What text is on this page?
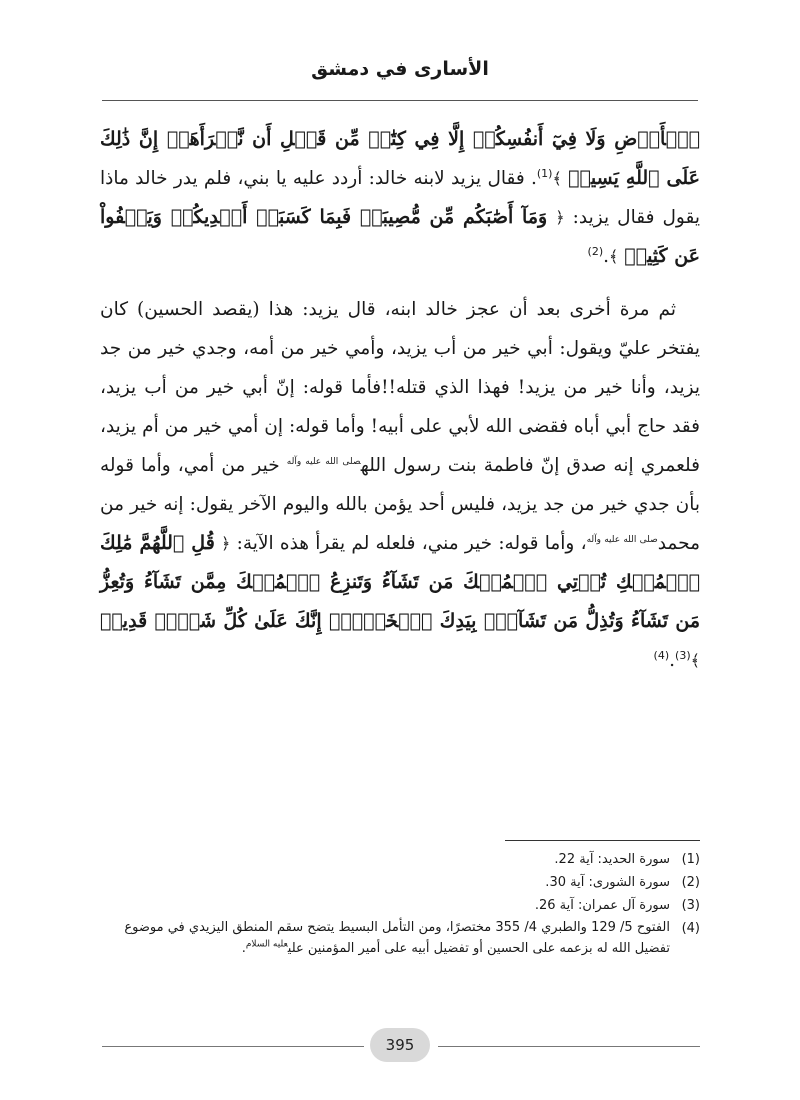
الأسارى في دمشق

ٱلۡأَرۡضِ وَلَا فِيٓ أَنفُسِكُمۡ إِلَّا فِي كِتَٰبٖ مِّن قَبۡلِ أَن نَّبۡرَأَهَآۚ إِنَّ ذَٰلِكَ عَلَى ٱللَّهِ يَسِيرٞ ﴾$^{(1)}$. فقال يزيد لابنه خالد: أردد عليه يا بني، فلم يدر خالد ماذا يقول فقال يزيد: ﴿ وَمَآ أَصَٰبَكُم مِّن مُّصِيبَةٖ فَبِمَا كَسَبَتۡ أَيۡدِيكُمۡ وَيَعۡفُواْ عَن كَثِيرٖ ﴾.$^{(2)}$

ثم مرة أخرى بعد أن عجز خالد ابنه، قال يزيد: هذا (يقصد الحسين) كان يفتخر عليّ ويقول: أبي خير من أب يزيد، وأمي خير من أمه، وجدي خير من جد يزيد، وأنا خير من يزيد! فهذا الذي قتله!!فأما قوله: إنّ أبي خير من أب يزيد، فقد حاج أبي أباه فقضى الله لأبي على أبيه! وأما قوله: إن أمي خير من أم يزيد، فلعمري إنه صدق إنّ فاطمة بنت رسول الله$^{صلى الله عليه وآله}$ خير من أمي، وأما قوله بأن جدي خير من جد يزيد، فليس أحد يؤمن بالله واليوم الآخر يقول: إنه خير من محمد$^{صلى الله عليه وآله}$، وأما قوله: خير مني، فلعله لم يقرأ هذه الآية: ﴿ قُلِ ٱللَّهُمَّ مَٰلِكَ ٱلۡمُلۡكِ تُؤۡتِي ٱلۡمُلۡكَ مَن تَشَآءُ وَتَنزِعُ ٱلۡمُلۡكَ مِمَّن تَشَآءُ وَتُعِزُّ مَن تَشَآءُ وَتُذِلُّ مَن تَشَآءُۖ بِيَدِكَ ٱلۡخَيۡرُۖ إِنَّكَ عَلَىٰ كُلِّ شَيۡءٖ قَدِيرٞ ﴾$^{(3)}$.$^{(4)}$

(1)
سورة الحديد: آية 22.
(2)
سورة الشورى: آية 30.
(3)
سورة آل عمران: آية 26.
(4)
الفتوح 5/ 129 والطبري 4/ 355 مختصرًا، ومن التأمل البسيط يتضح سقم المنطق اليزيدي في موضوع تفضيل الله له بزعمه على الحسين أو تفضيل أبيه على أمير المؤمنين علي$^{عليه السلام}$.
395
